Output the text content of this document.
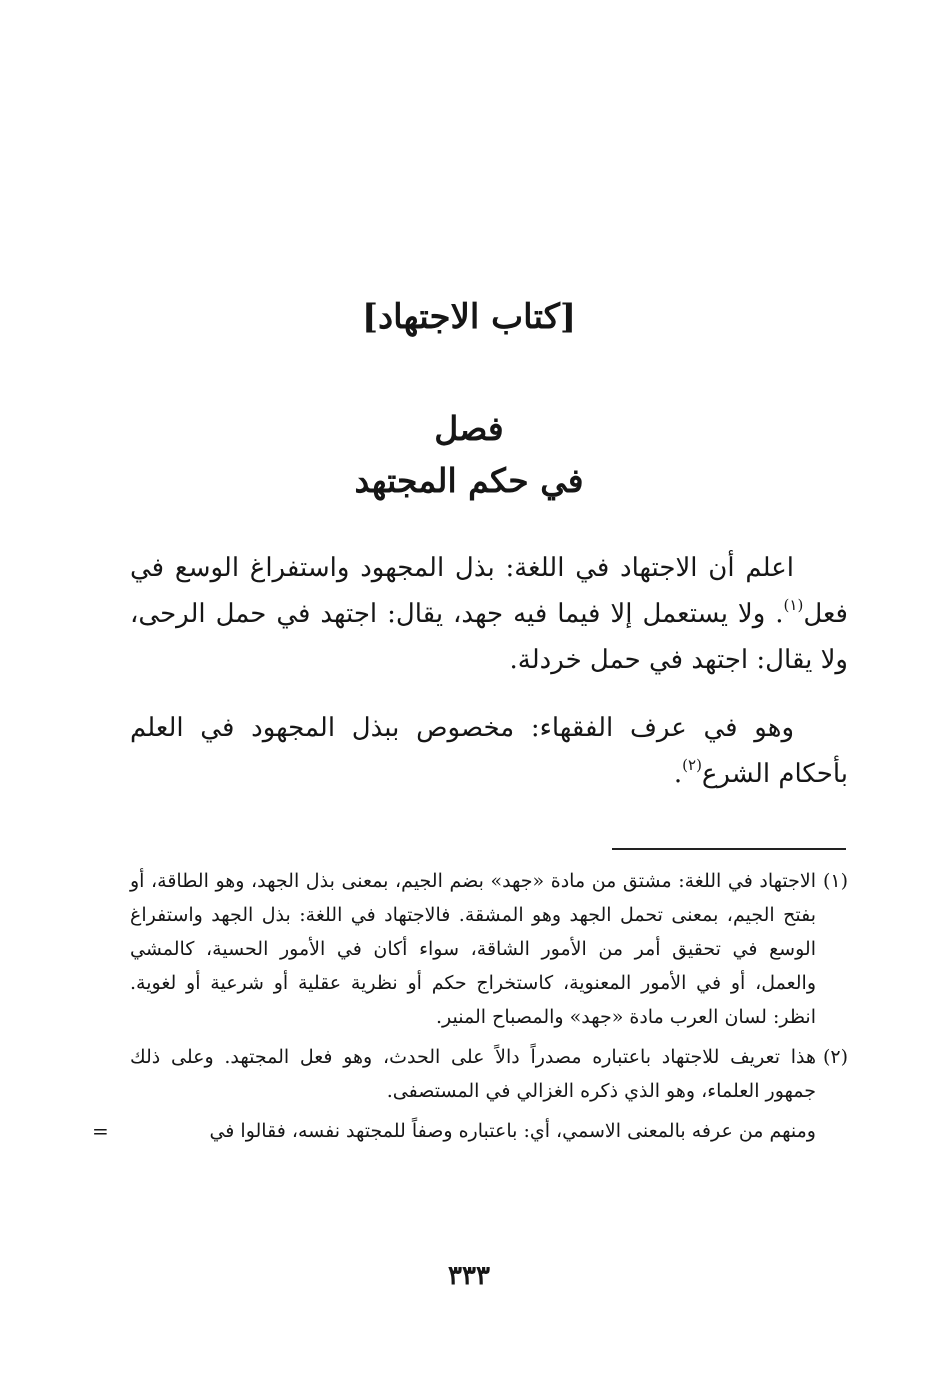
[كتاب الاجتهاد]
فصل
في حكم المجتهد

اعلم أن الاجتهاد في اللغة: بذل المجهود واستفراغ الوسع في فعل$^{(١)}$. ولا يستعمل إلا فيما فيه جهد، يقال: اجتهد في حمل الرحى، ولا يقال: اجتهد في حمل خردلة.

وهو في عرف الفقهاء: مخصوص ببذل المجهود في العلم بأحكام الشرع$^{(٢)}$.

(١)
الاجتهاد في اللغة: مشتق من مادة «جهد» بضم الجيم، بمعنى بذل الجهد، وهو الطاقة، أو بفتح الجيم، بمعنى تحمل الجهد وهو المشقة. فالاجتهاد في اللغة: بذل الجهد واستفراغ الوسع في تحقيق أمر من الأمور الشاقة، سواء أكان في الأمور الحسية، كالمشي والعمل، أو في الأمور المعنوية، كاستخراج حكم أو نظرية عقلية أو شرعية أو لغوية. انظر: لسان العرب مادة «جهد» والمصباح المنير.
(٢)
هذا تعريف للاجتهاد باعتباره مصدراً دالاً على الحدث، وهو فعل المجتهد. وعلى ذلك جمهور العلماء، وهو الذي ذكره الغزالي في المستصفى.
ومنهم من عرفه بالمعنى الاسمي، أي: باعتباره وصفاً للمجتهد نفسه، فقالوا في
=
٣٣٣
